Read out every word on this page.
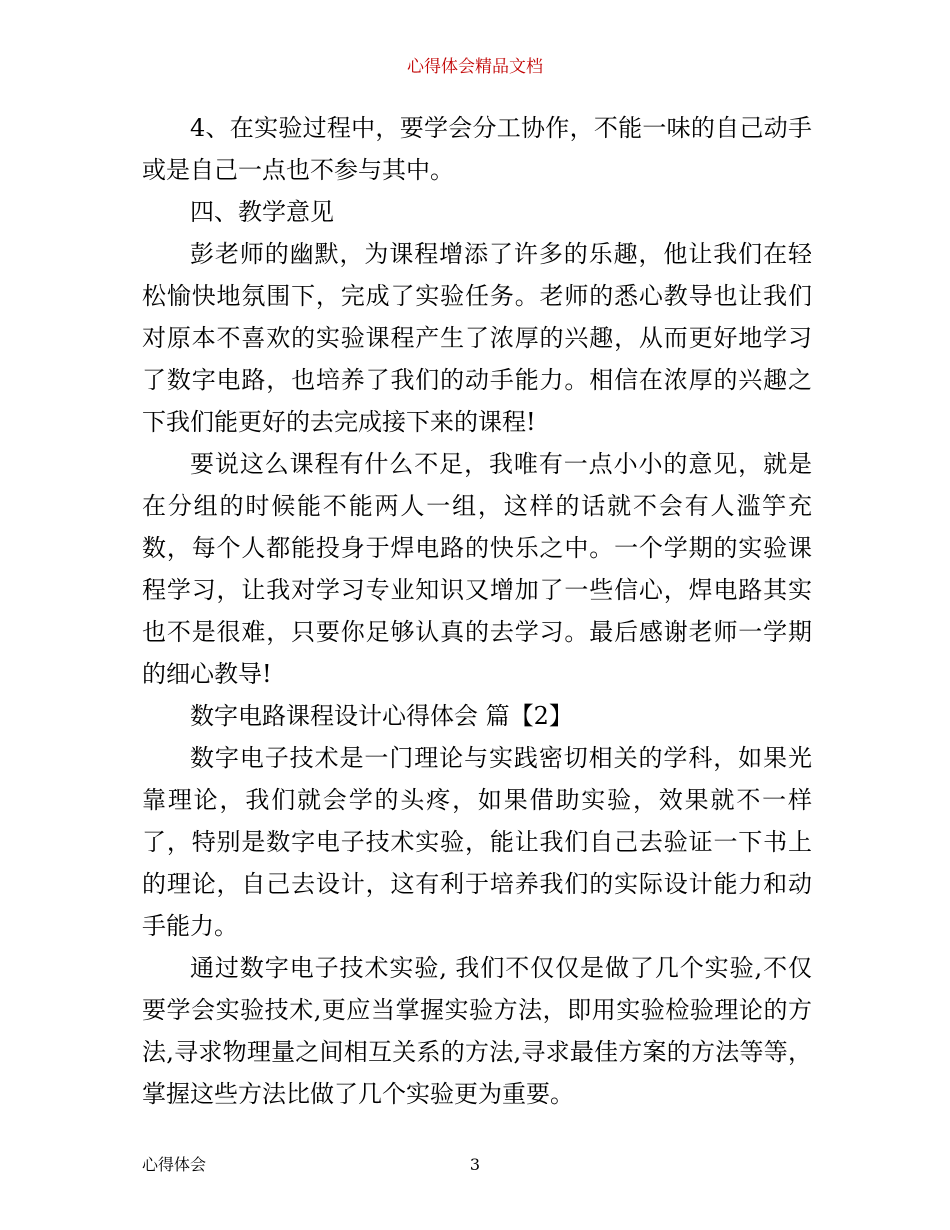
心得体会精品文档

4、在实验过程中，要学会分工协作，不能一味的自己动手或是自己一点也不参与其中。

四、教学意见

彭老师的幽默，为课程增添了许多的乐趣，他让我们在轻松愉快地氛围下，完成了实验任务。老师的悉心教导也让我们对原本不喜欢的实验课程产生了浓厚的兴趣，从而更好地学习了数字电路，也培养了我们的动手能力。相信在浓厚的兴趣之下我们能更好的去完成接下来的课程!

要说这么课程有什么不足，我唯有一点小小的意见，就是在分组的时候能不能两人一组，这样的话就不会有人滥竽充数，每个人都能投身于焊电路的快乐之中。一个学期的实验课程学习，让我对学习专业知识又增加了一些信心，焊电路其实也不是很难，只要你足够认真的去学习。最后感谢老师一学期的细心教导!

数字电路课程设计心得体会 篇【2】

数字电子技术是一门理论与实践密切相关的学科，如果光靠理论，我们就会学的头疼，如果借助实验，效果就不一样了，特别是数字电子技术实验，能让我们自己去验证一下书上的理论，自己去设计，这有利于培养我们的实际设计能力和动手能力。

通过数字电子技术实验, 我们不仅仅是做了几个实验,不仅要学会实验技术,更应当掌握实验方法，即用实验检验理论的方法,寻求物理量之间相互关系的方法,寻求最佳方案的方法等等，掌握这些方法比做了几个实验更为重要。

心得体会	3
